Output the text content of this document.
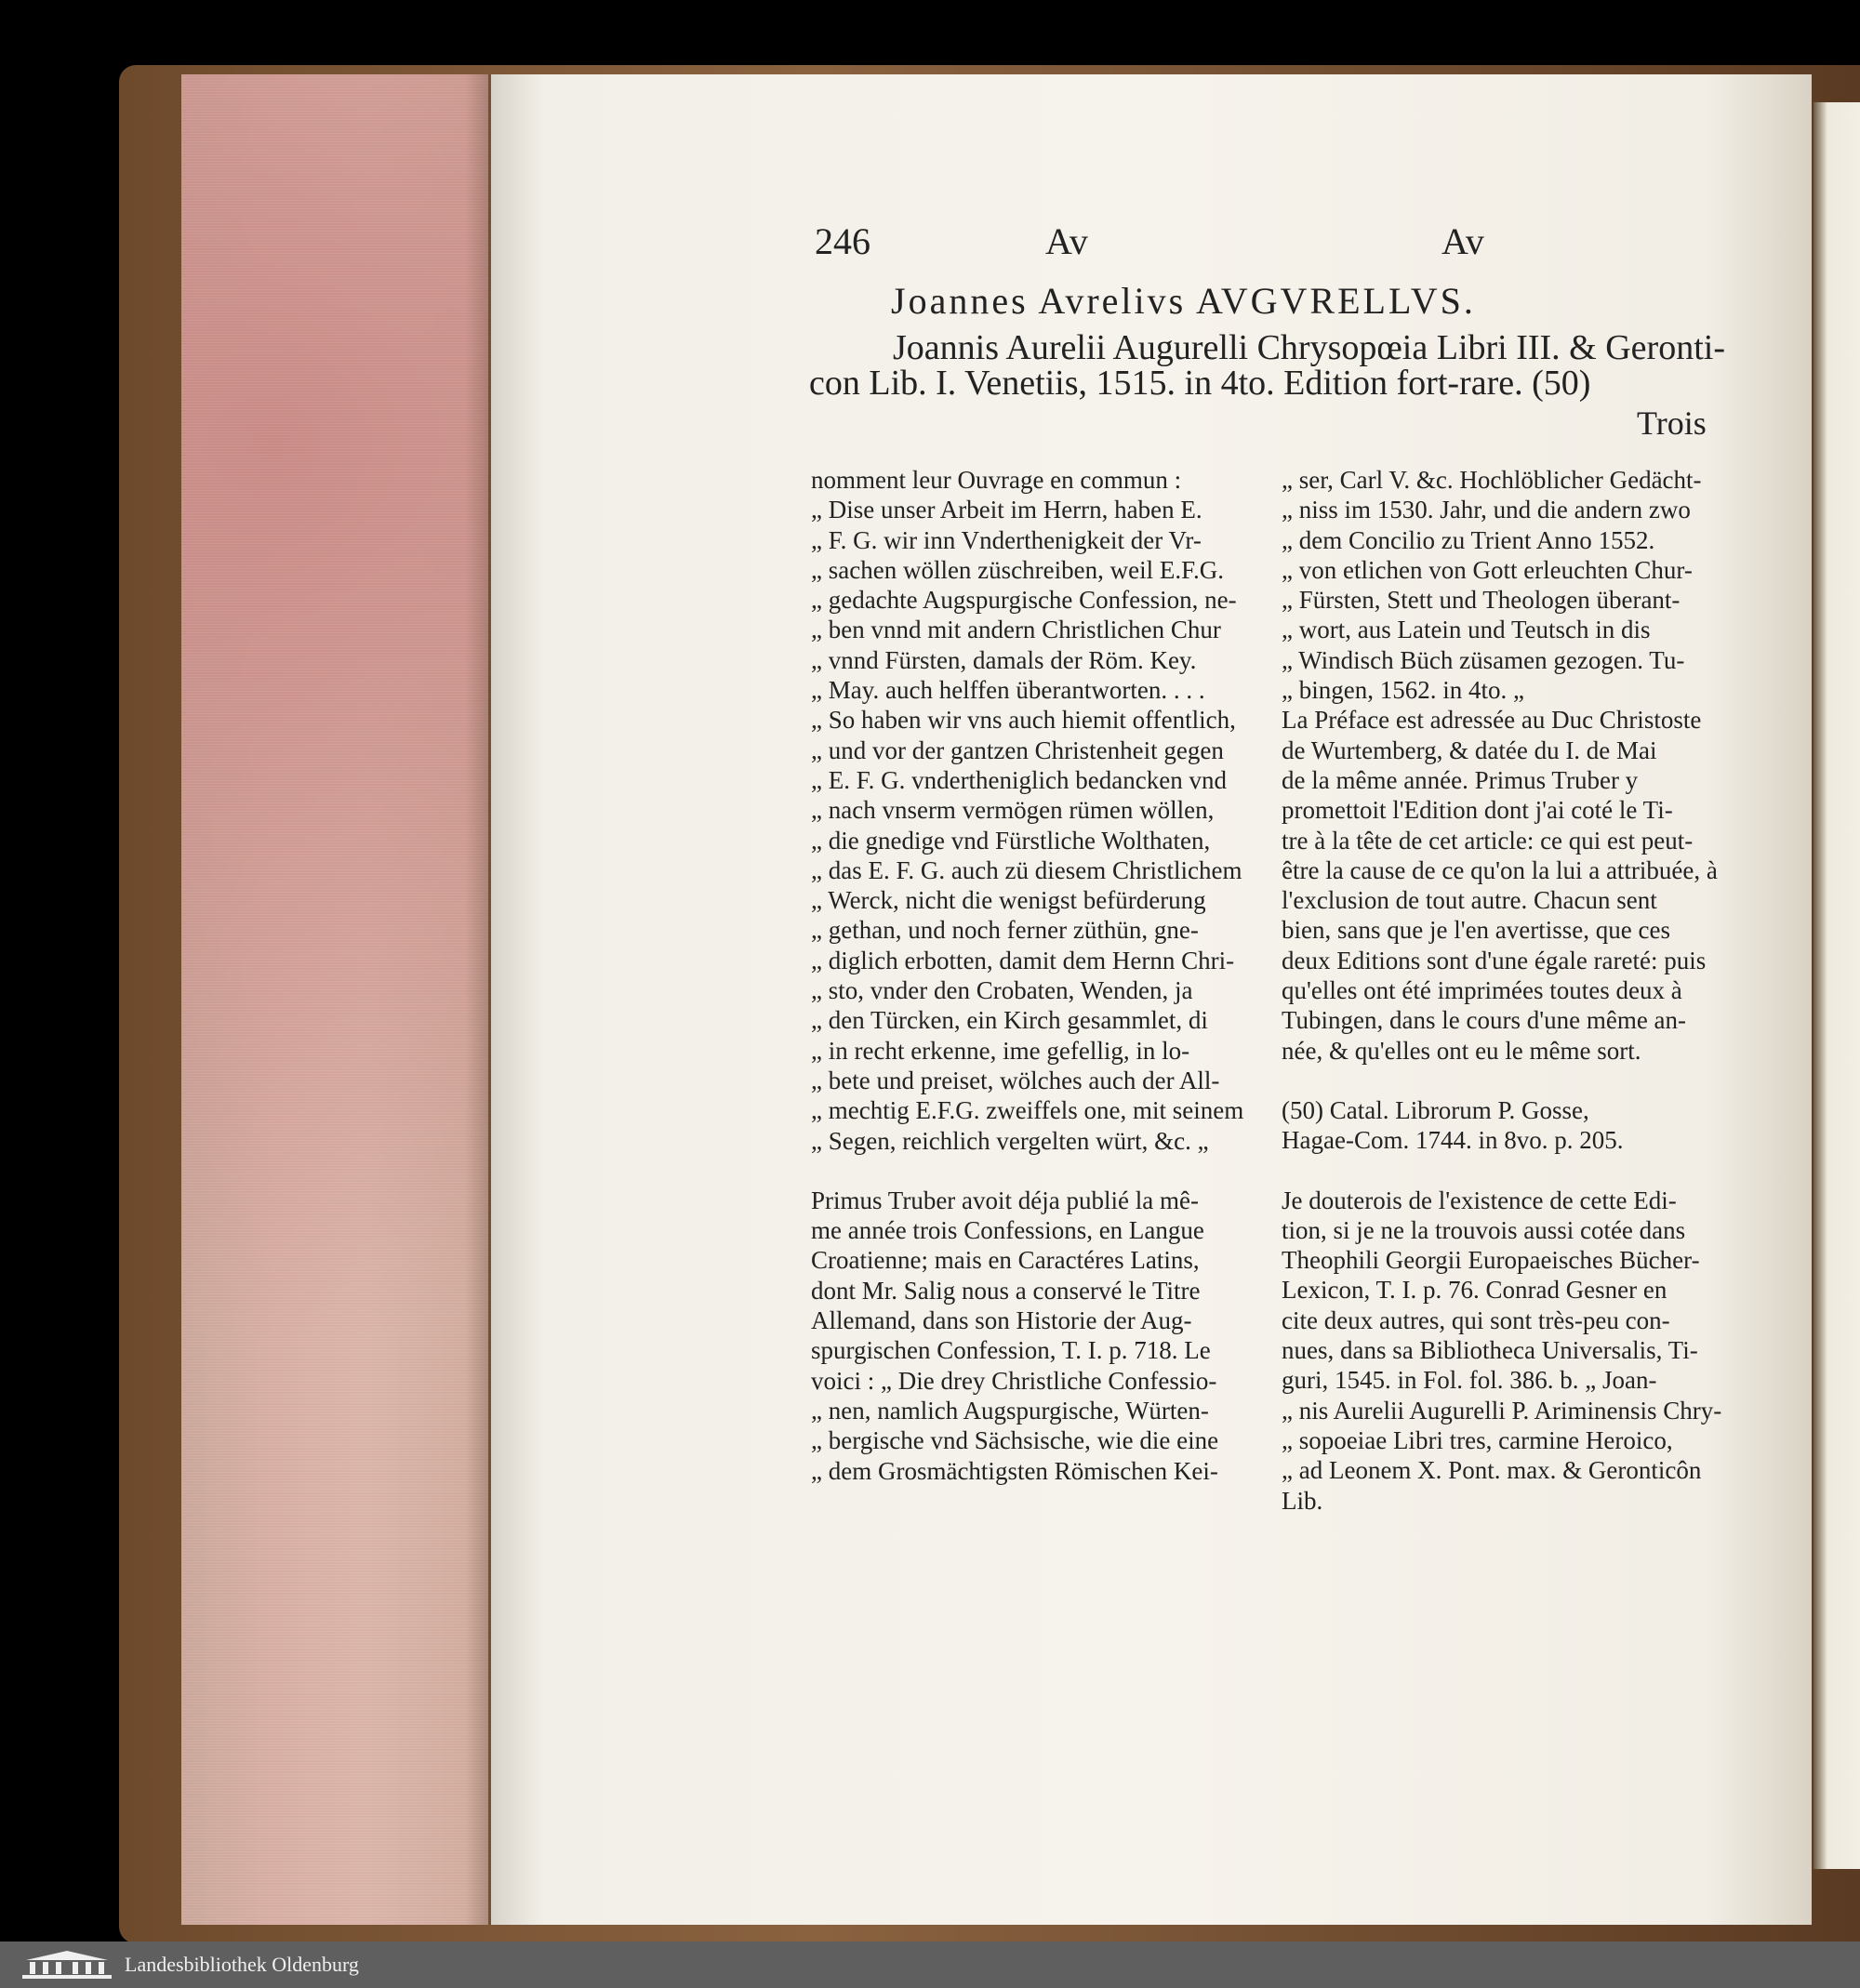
246	Av	Av
Joannes Avrelivs AVGVRELLVS.
Joannis Aurelii Augurelli Chrysopœia Libri III. & Geronti-
con Lib. I. Venetiis, 1515. in 4to. Edition fort-rare. (50)
Trois
nomment leur Ouvrage en commun :
„ Dise unser Arbeit im Herrn, haben E.
„ F. G. wir inn Vnderthenigkeit der Vr-
„ sachen wöllen züschreiben, weil E.F.G.
„ gedachte Augspurgische Confession, ne-
„ ben vnnd mit andern Christlichen Chur
„ vnnd Fürsten, damals der Röm. Key.
„ May. auch helffen überantworten. . . .
„ So haben wir vns auch hiemit offentlich,
„ und vor der gantzen Christenheit gegen
„ E. F. G. vndertheniglich bedancken vnd
„ nach vnserm vermögen rümen wöllen,
„ die gnedige vnd Fürstliche Wolthaten,
„ das E. F. G. auch zü diesem Christlichem
„ Werck, nicht die wenigst befürderung
„ gethan, und noch ferner züthün, gne-
„ diglich erbotten, damit dem Hernn Chri-
„ sto, vnder den Crobaten, Wenden, ja
„ den Türcken, ein Kirch gesammlet, di
„ in recht erkenne, ime gefellig, in lo-
„ bete und preiset, wölches auch der All-
„ mechtig E.F.G. zweiffels one, mit seinem
„ Segen, reichlich vergelten würt, &c. „
Primus Truber avoit déja publié la mê-
me année trois Confessions, en Langue
Croatienne; mais en Caractéres Latins,
dont Mr. Salig nous a conservé le Titre
Allemand, dans son Historie der Aug-
spurgischen Confession, T. I. p. 718. Le
voici : „ Die drey Christliche Confessio-
„ nen, namlich Augspurgische, Würten-
„ bergische vnd Sächsische, wie die eine
„ dem Grosmächtigsten Römischen Kei-
„ ser, Carl V. &c. Hochlöblicher Gedächt-
„ niss im 1530. Jahr, und die andern zwo
„ dem Concilio zu Trient Anno 1552.
„ von etlichen von Gott erleuchten Chur-
„ Fürsten, Stett und Theologen überant-
„ wort, aus Latein und Teutsch in dis
„ Windisch Büch züsamen gezogen. Tu-
„ bingen, 1562. in 4to. „
La Préface est adressée au Duc Christoste
de Wurtemberg, & datée du I. de Mai
de la même année. Primus Truber y
promettoit l'Edition dont j'ai coté le Ti-
tre à la tête de cet article: ce qui est peut-
être la cause de ce qu'on la lui a attribuée, à
l'exclusion de tout autre. Chacun sent
bien, sans que je l'en avertisse, que ces
deux Editions sont d'une égale rareté: puis
qu'elles ont été imprimées toutes deux à
Tubingen, dans le cours d'une même an-
née, & qu'elles ont eu le même sort.
(50) Catal. Librorum P. Gosse,
Hagae-Com. 1744. in 8vo. p. 205.
Je douterois de l'existence de cette Edi-
tion, si je ne la trouvois aussi cotée dans
Theophili Georgii Europaeisches Bücher-
Lexicon, T. I. p. 76. Conrad Gesner en
cite deux autres, qui sont très-peu con-
nues, dans sa Bibliotheca Universalis, Ti-
guri, 1545. in Fol. fol. 386. b. „ Joan-
„ nis Aurelii Augurelli P. Ariminensis Chry-
„ sopoeiae Libri tres, carmine Heroico,
„ ad Leonem X. Pont. max. & Geronticôn
Lib.
Landesbibliothek Oldenburg
